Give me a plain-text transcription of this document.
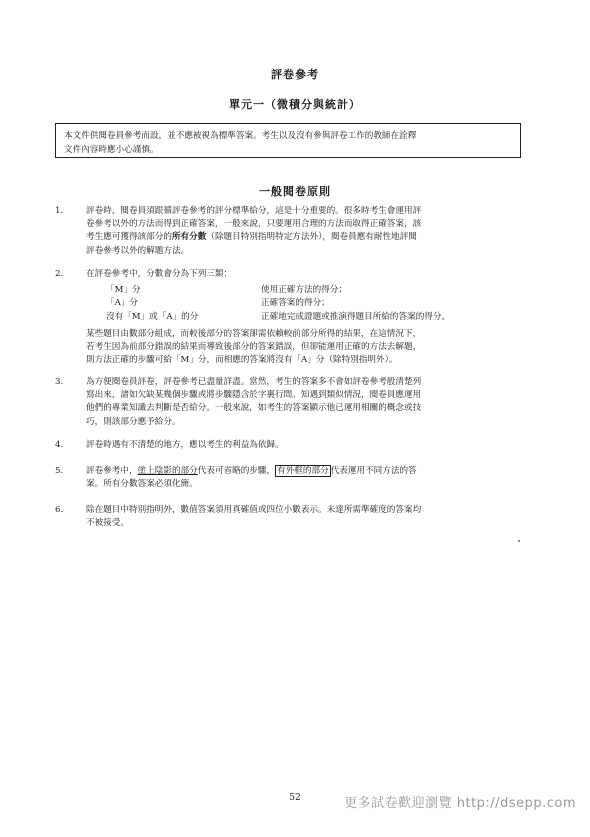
評卷參考
單元一（微積分與統計）
本文件供閱卷員參考而設，並不應被視為標準答案。考生以及沒有參與評卷工作的教師在詮釋
文件內容時應小心謹慎。
一般閱卷原則
1.	評卷時，閱卷員須跟循評卷參考的評分標準給分，這是十分重要的。很多時考生會運用評
卷參考以外的方法而得到正確答案，一般來說，只要運用合理的方法而取得正確答案，該
考生應可獲得該部分的所有分數（除題目特別指明特定方法外），閱卷員應有耐性地評閱
評卷參考以外的解題方法。
2.	在評卷參考中，分數會分為下列三類：
「M」分	使用正確方法的得分；
「A」分	正確答案的得分；
沒有「M」或「A」的分	正確地完成證題或推演得題目所給的答案的得分。
某些題目由數部分組成，而較後部分的答案卻需依賴較前部分所得的結果，在這情況下，
若考生因為前部分錯誤的結果而導致後部分的答案錯誤，但卻能運用正確的方法去解題，
則方法正確的步驟可給「M」分，而相應的答案將沒有「A」分（除特別指明外）。
3.	為方便閱卷員評卷，評卷參考已盡量詳盡。當然，考生的答案多不會如評卷參考般清楚列
寫出來，諸如欠缺某幾個步驟或將步驟隱含於字裏行間。知遇到類似情況，閱卷員應運用
他們的專業知識去判斷是否給分。一般來說，如考生的答案顯示他已運用相關的概念或技
巧，則該部分應予給分。
4.	評卷時遇有不清楚的地方，應以考生的利益為依歸。
5.	評卷參考中，塗上陰影的部分代表可省略的步驟， 有外框的部分 代表運用不同方法的答
案。所有分數答案必須化簡。
6.	除在題目中特別指明外，數值答案須用真確值或四位小數表示。未達所需準確度的答案均
不被接受。
52	更多試卷歡迎瀏覽 http://dsepp.com
